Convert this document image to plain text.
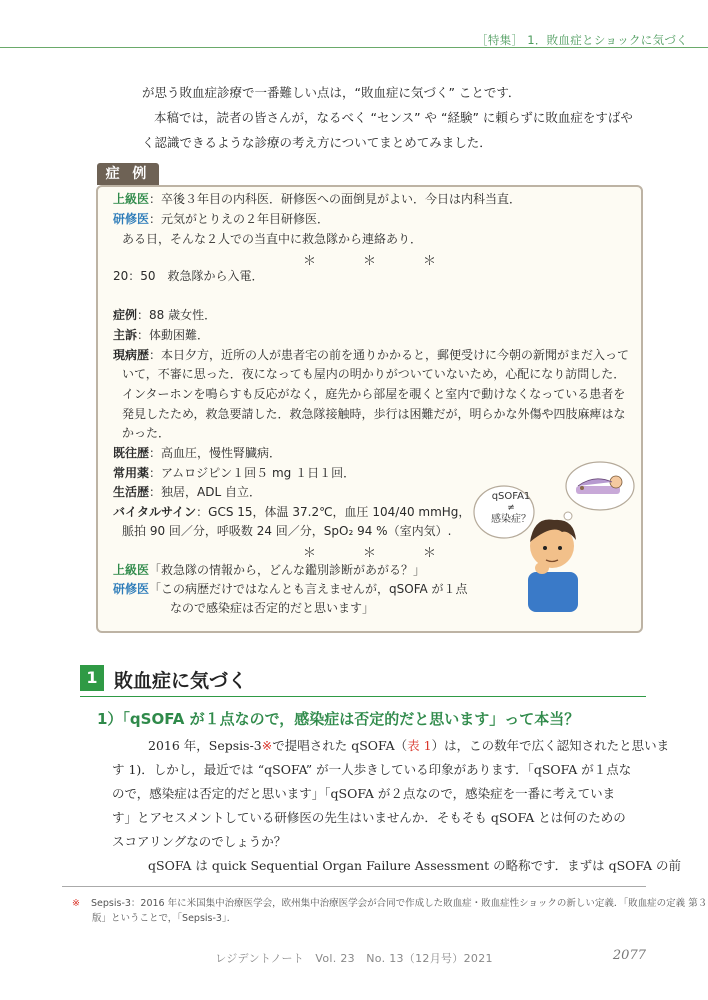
［特集］ 1．敗血症とショックに気づく

が思う敗血症診療で一番難しい点は，“敗血症に気づく” ことです．

本稿では，読者の皆さんが，なるべく “センス” や “経験” に頼らずに敗血症をすばや

く認識できるような診療の考え方についてまとめてみました．

症 例
上級医：卒後３年目の内科医．研修医への面倒見がよい．今日は内科当直．
研修医：元気がとりえの２年目研修医．
ある日，そんな２人での当直中に救急隊から連絡あり．
＊	＊	＊
20：50　救急隊から入電．
症例：88 歳女性．
主訴：体動困難．
現病歴：本日夕方，近所の人が患者宅の前を通りかかると，郵便受けに今朝の新聞がまだ入って
いて，不審に思った．夜になっても屋内の明かりがついていないため，心配になり訪問した．
インターホンを鳴らすも反応がなく，庭先から部屋を覗くと室内で動けなくなっている患者を
発見したため，救急要請した．救急隊接触時，歩行は困難だが，明らかな外傷や四肢麻痺はな
かった．
既往歴：高血圧，慢性腎臓病．
常用薬：アムロジピン１回５ mg １日１回．
生活歴：独居，ADL 自立．
バイタルサイン：GCS 15，体温 37.2℃，血圧 104/40 mmHg，
脈拍 90 回／分，呼吸数 24 回／分，SpO₂ 94 %（室内気）.
＊	＊	＊
上級医「救急隊の情報から，どんな鑑別診断があがる？」
研修医「この病歴だけではなんとも言えませんが，qSOFA が１点
なので感染症は否定的だと思います」
qSOFA1
≠
感染症？
1 敗血症に気づく
1）「qSOFA が１点なので，感染症は否定的だと思います」って本当？
2016 年，Sepsis-3※で提唱された qSOFA（表 1）は，この数年で広く認知されたと思いま
す 1)．しかし，最近では “qSOFA” が一人歩きしている印象があります．「qSOFA が１点な
ので，感染症は否定的だと思います」「qSOFA が２点なので，感染症を一番に考えていま
す」とアセスメントしている研修医の先生はいませんか．そもそも qSOFA とは何のための
スコアリングなのでしょうか？
qSOFA は quick Sequential Organ Failure Assessment の略称です．まずは qSOFA の前
※ Sepsis-3：2016 年に米国集中治療医学会，欧州集中治療医学会が合同で作成した敗血症・敗血症性ショックの新しい定義．「敗血症の定義 第３
版」ということで，「Sepsis-3」．
レジデントノート　Vol. 23　No. 13（12月号）2021	2077
